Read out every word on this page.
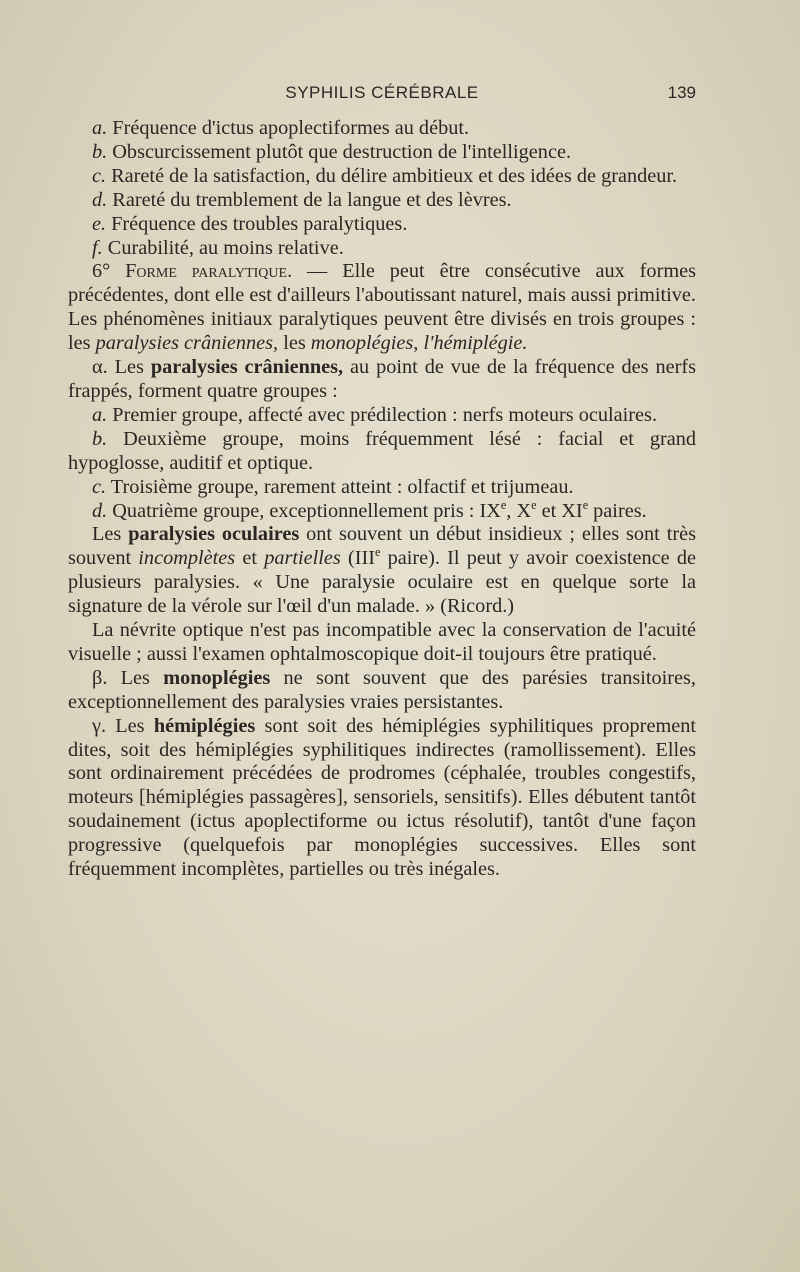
SYPHILIS CÉRÉBRALE	139

a. Fréquence d'ictus apoplectiformes au début.

b. Obscurcissement plutôt que destruction de l'intelligence.

c. Rareté de la satisfaction, du délire ambitieux et des idées de grandeur.

d. Rareté du tremblement de la langue et des lèvres.

e. Fréquence des troubles paralytiques.

f. Curabilité, au moins relative.

6° Forme paralytique. — Elle peut être consécutive aux formes précédentes, dont elle est d'ailleurs l'aboutissant naturel, mais aussi primitive. Les phénomènes initiaux paralytiques peuvent être divisés en trois groupes : les paralysies crâniennes, les monoplégies, l'hémiplégie.

α. Les paralysies crâniennes, au point de vue de la fréquence des nerfs frappés, forment quatre groupes :

a. Premier groupe, affecté avec prédilection : nerfs moteurs oculaires.

b. Deuxième groupe, moins fréquemment lésé : facial et grand hypoglosse, auditif et optique.

c. Troisième groupe, rarement atteint : olfactif et trijumeau.

d. Quatrième groupe, exceptionnellement pris : IXe, Xe et XIe paires.

Les paralysies oculaires ont souvent un début insidieux ; elles sont très souvent incomplètes et partielles (IIIe paire). Il peut y avoir coexistence de plusieurs paralysies. « Une paralysie oculaire est en quelque sorte la signature de la vérole sur l'œil d'un malade. » (Ricord.)

La névrite optique n'est pas incompatible avec la conservation de l'acuité visuelle ; aussi l'examen ophtalmoscopique doit-il toujours être pratiqué.

β. Les monoplégies ne sont souvent que des parésies transitoires, exceptionnellement des paralysies vraies persistantes.

γ. Les hémiplégies sont soit des hémiplégies syphilitiques proprement dites, soit des hémiplégies syphilitiques indirectes (ramollissement). Elles sont ordinairement précédées de prodromes (céphalée, troubles congestifs, moteurs [hémiplégies passagères], sensoriels, sensitifs). Elles débutent tantôt soudainement (ictus apoplectiforme ou ictus résolutif), tantôt d'une façon progressive (quelquefois par monoplégies successives. Elles sont fréquemment incomplètes, partielles ou très inégales.
